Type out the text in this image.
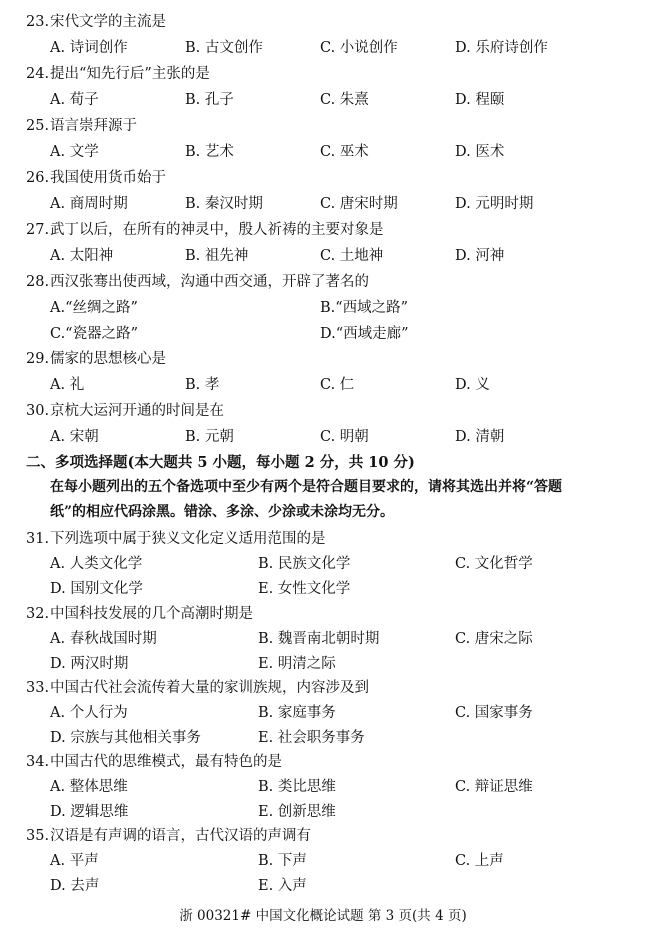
23.宋代文学的主流是
A. 诗词创作	B. 古文创作	C. 小说创作	D. 乐府诗创作
24.提出“知先行后”主张的是
A. 荀子	B. 孔子	C. 朱熹	D. 程颐
25.语言崇拜源于
A. 文学	B. 艺术	C. 巫术	D. 医术
26.我国使用货币始于
A. 商周时期	B. 秦汉时期	C. 唐宋时期	D. 元明时期
27.武丁以后，在所有的神灵中，殷人祈祷的主要对象是
A. 太阳神	B. 祖先神	C. 土地神	D. 河神
28.西汉张骞出使西域，沟通中西交通，开辟了著名的
A.“丝绸之路”	B.“西域之路”
C.“瓷器之路”	D.“西域走廊”
29.儒家的思想核心是
A. 礼	B. 孝	C. 仁	D. 义
30.京杭大运河开通的时间是在
A. 宋朝	B. 元朝	C. 明朝	D. 清朝
二、多项选择题(本大题共 5 小题，每小题 2 分，共 10 分)
在每小题列出的五个备选项中至少有两个是符合题目要求的，请将其选出并将“答题
纸”的相应代码涂黑。错涂、多涂、少涂或未涂均无分。
31.下列选项中属于狭义文化定义适用范围的是
A. 人类文化学	B. 民族文化学	C. 文化哲学
D. 国别文化学	E. 女性文化学
32.中国科技发展的几个高潮时期是
A. 春秋战国时期	B. 魏晋南北朝时期	C. 唐宋之际
D. 两汉时期	E. 明清之际
33.中国古代社会流传着大量的家训族规，内容涉及到
A. 个人行为	B. 家庭事务	C. 国家事务
D. 宗族与其他相关事务	E. 社会职务事务
34.中国古代的思维模式，最有特色的是
A. 整体思维	B. 类比思维	C. 辩证思维
D. 逻辑思维	E. 创新思维
35.汉语是有声调的语言，古代汉语的声调有
A. 平声	B. 下声	C. 上声
D. 去声	E. 入声
浙 00321# 中国文化概论试题 第 3 页(共 4 页)
